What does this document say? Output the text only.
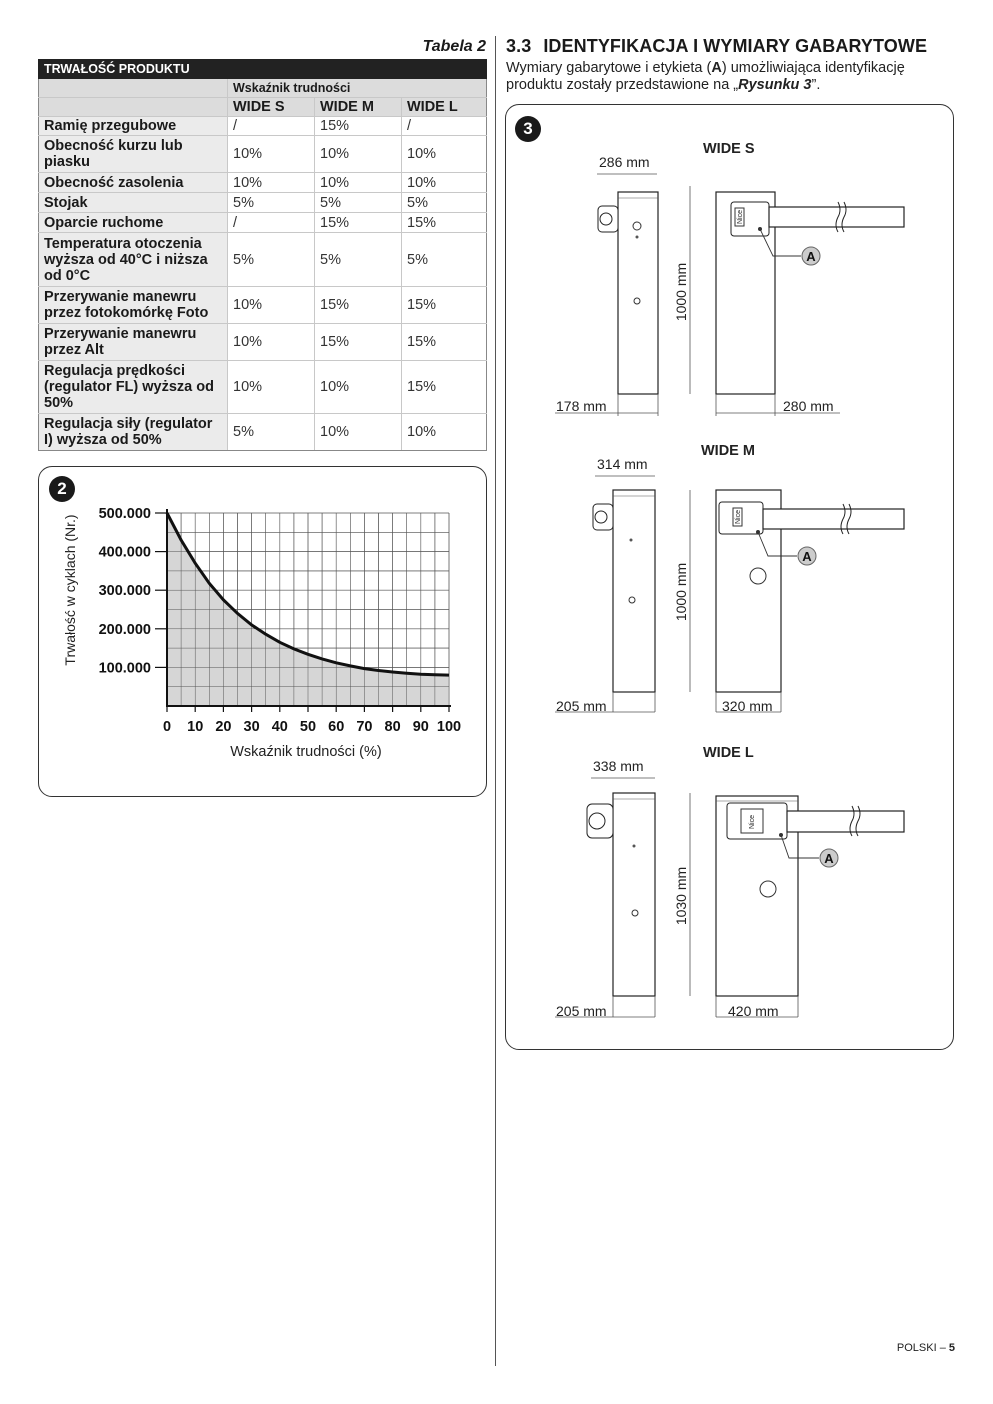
Tabela 2
TRWAŁOŚĆ PRODUKTU			
	Wskaźnik trudności		
	WIDE S	WIDE M	WIDE L
Ramię przegubowe	/	15%	/
Obecność kurzu lub piasku	10%	10%	10%
Obecność zasolenia	10%	10%	10%
Stojak	5%	5%	5%
Oparcie ruchome	/	15%	15%
Temperatura otoczenia wyższa od 40°C i niższa od 0°C	5%	5%	5%
Przerywanie manewru przez fotokomórkę Foto	10%	15%	15%
Przerywanie manewru przez Alt	10%	15%	15%
Regulacja prędkości (regulator FL) wyższa od 50%	10%	10%	15%
Regulacja siły (regulator I) wyższa od 50%	5%	10%	10%
2
0 10 20 30 40 50 60 70 80 90 100
100.000
200.000
300.000
400.000
500.000
Wskaźnik trudności (%)
Trwałość w cyklach (Nr.)
3.3 IDENTYFIKACJA I WYMIARY GABARYTOWE
Wymiary gabarytowe i etykieta (A) umożliwiająca identyfikację produktu zostały przedstawione na „Rysunku 3”.
3
WIDE S
286 mm
178 mm
1000 mm
Nice
A
280 mm
WIDE M
314 mm
205 mm
1000 mm
Nice
A
320 mm
WIDE L
338 mm
205 mm
1030 mm
Nice
A
420 mm
POLSKI – 5
